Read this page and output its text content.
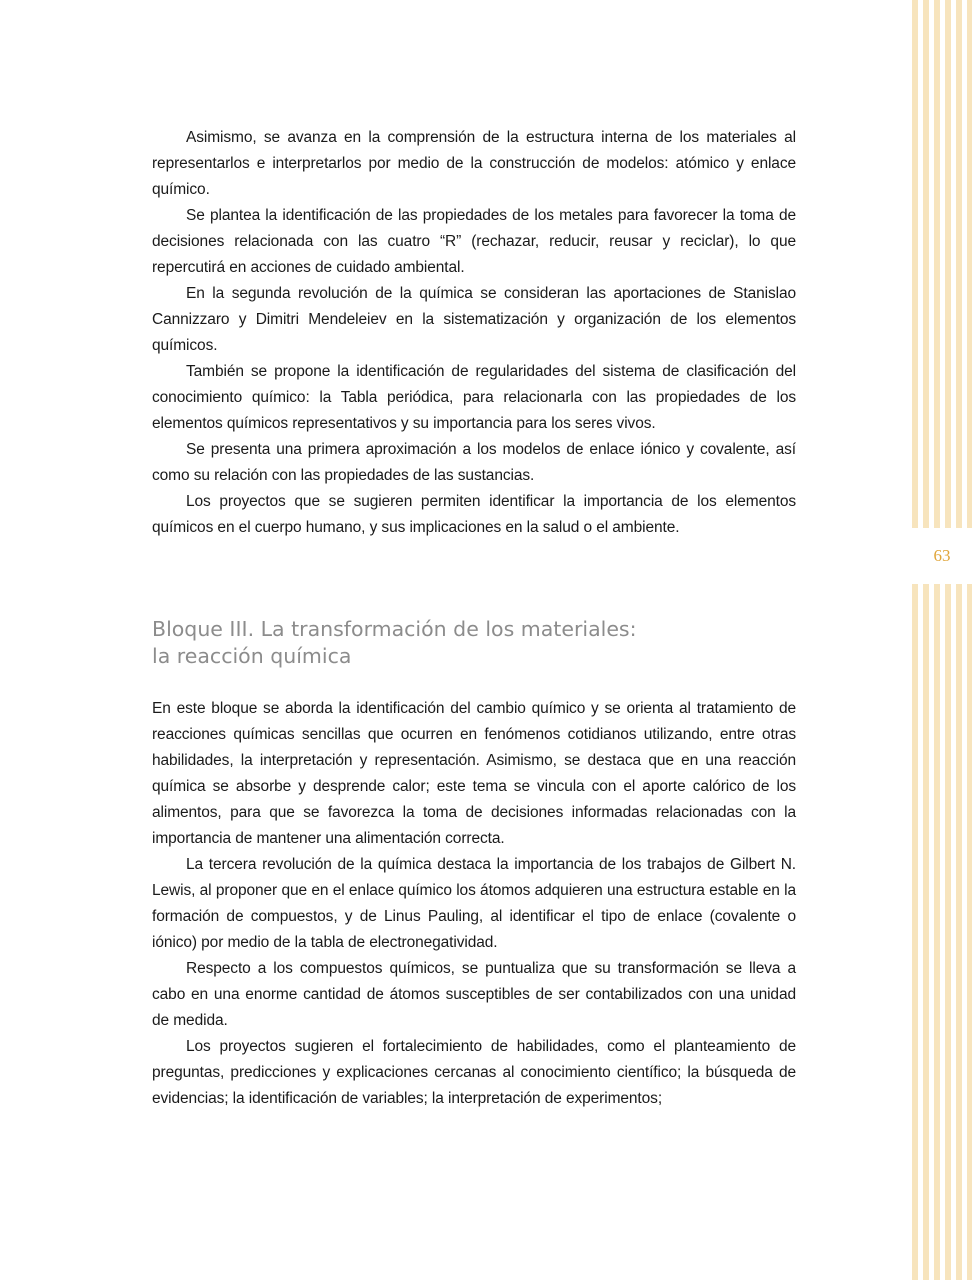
63

Asimismo, se avanza en la comprensión de la estructura interna de los materiales al representarlos e interpretarlos por medio de la construcción de modelos: atómico y enlace químico.

Se plantea la identificación de las propiedades de los metales para favorecer la toma de decisiones relacionada con las cuatro “R” (rechazar, reducir, reusar y reciclar), lo que repercutirá en acciones de cuidado ambiental.

En la segunda revolución de la química se consideran las aportaciones de Stanislao Cannizzaro y Dimitri Mendeleiev en la sistematización y organización de los elementos químicos.

También se propone la identificación de regularidades del sistema de clasificación del conocimiento químico: la Tabla periódica, para relacionarla con las propiedades de los elementos químicos representativos y su importancia para los seres vivos.

Se presenta una primera aproximación a los modelos de enlace iónico y covalente, así como su relación con las propiedades de las sustancias.

Los proyectos que se sugieren permiten identificar la importancia de los elementos químicos en el cuerpo humano, y sus implicaciones en la salud o el ambiente.

Bloque III. La transformación de los materiales:
la reacción química

En este bloque se aborda la identificación del cambio químico y se orienta al tratamiento de reacciones químicas sencillas que ocurren en fenómenos cotidianos utilizando, entre otras habilidades, la interpretación y representación. Asimismo, se destaca que en una reacción química se absorbe y desprende calor; este tema se vincula con el aporte calórico de los alimentos, para que se favorezca la toma de decisiones informadas relacionadas con la importancia de mantener una alimentación correcta.

La tercera revolución de la química destaca la importancia de los trabajos de Gilbert N. Lewis, al proponer que en el enlace químico los átomos adquieren una estructura estable en la formación de compuestos, y de Linus Pauling, al identificar el tipo de enlace (covalente o iónico) por medio de la tabla de electronegatividad.

Respecto a los compuestos químicos, se puntualiza que su transformación se lleva a cabo en una enorme cantidad de átomos susceptibles de ser contabilizados con una unidad de medida.

Los proyectos sugieren el fortalecimiento de habilidades, como el planteamiento de preguntas, predicciones y explicaciones cercanas al conocimiento científico; la búsqueda de evidencias; la identificación de variables; la interpretación de experimentos;
